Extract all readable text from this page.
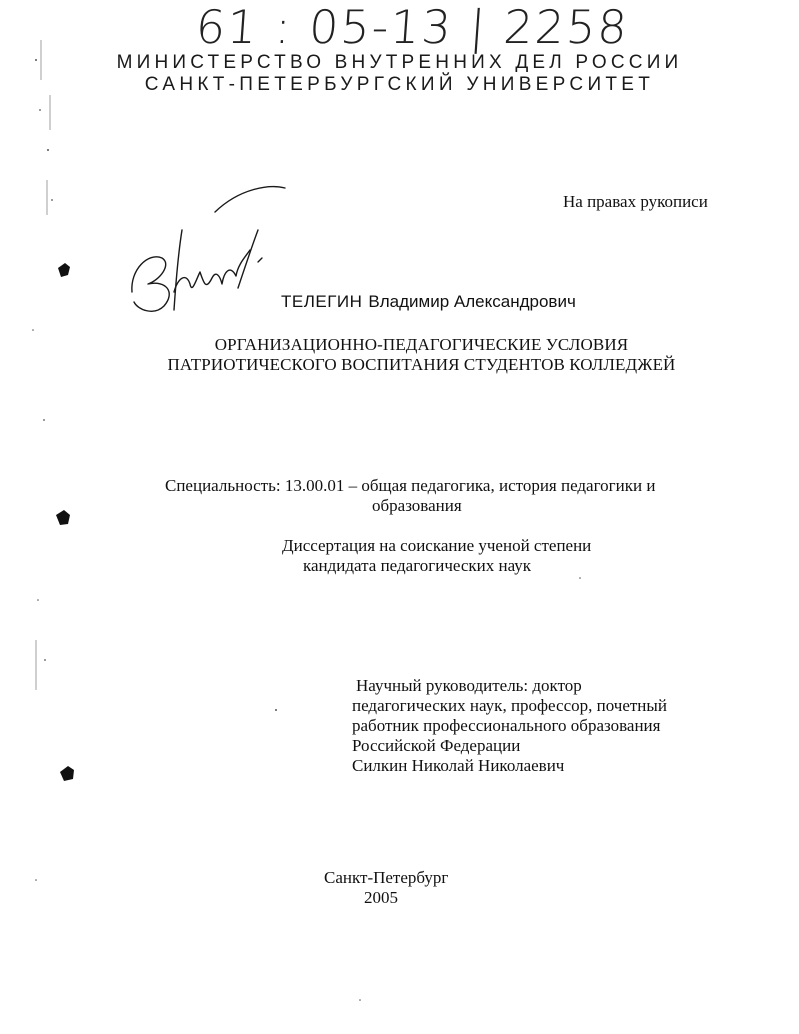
61 : 05-13 | 2258
МИНИСТЕРСТВО ВНУТРЕННИХ ДЕЛ РОССИИ
САНКТ-ПЕТЕРБУРГСКИЙ УНИВЕРСИТЕТ
На правах рукописи
ТЕЛЕГИН Владимир Александрович
ОРГАНИЗАЦИОННО-ПЕДАГОГИЧЕСКИЕ УСЛОВИЯ
ПАТРИОТИЧЕСКОГО ВОСПИТАНИЯ СТУДЕНТОВ КОЛЛЕДЖЕЙ
Специальность: 13.00.01 – общая педагогика, история педагогики и
образования
Диссертация на соискание ученой степени
кандидата педагогических наук
Научный руководитель: доктор
педагогических наук, профессор, почетный
работник профессионального образования
Российской Федерации
Силкин Николай Николаевич
Санкт-Петербург
2005
